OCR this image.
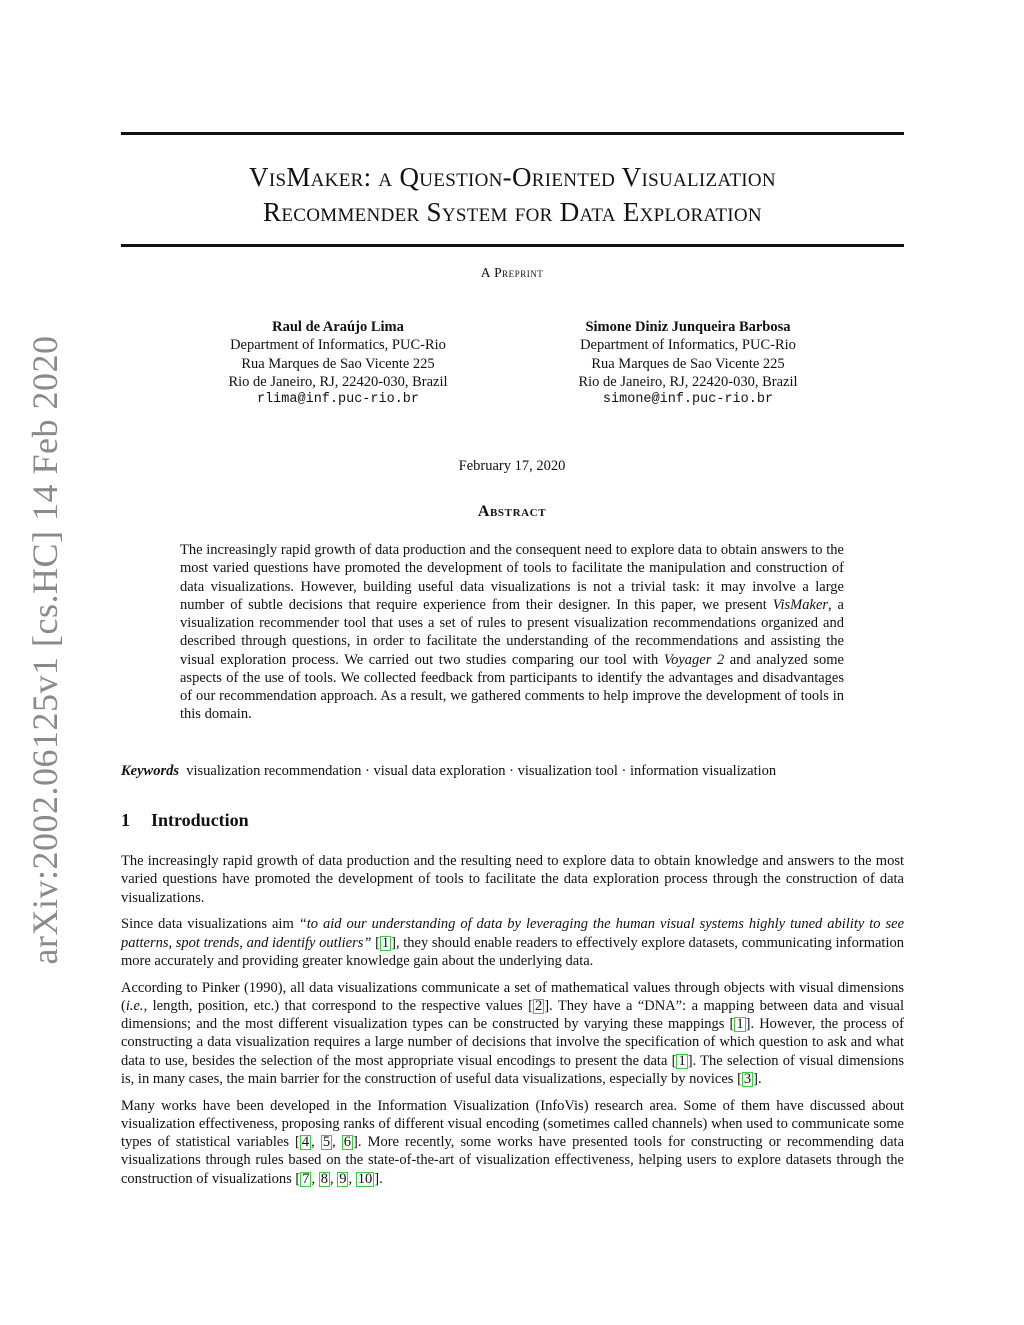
arXiv:2002.06125v1 [cs.HC] 14 Feb 2020
VisMaker: a Question-Oriented Visualization
Recommender System for Data Exploration
A Preprint
Raul de Araújo Lima
Department of Informatics, PUC-Rio
Rua Marques de Sao Vicente 225
Rio de Janeiro, RJ, 22420-030, Brazil
rlima@inf.puc-rio.br
Simone Diniz Junqueira Barbosa
Department of Informatics, PUC-Rio
Rua Marques de Sao Vicente 225
Rio de Janeiro, RJ, 22420-030, Brazil
simone@inf.puc-rio.br
February 17, 2020
Abstract
The increasingly rapid growth of data production and the consequent need to explore data to obtain answers to the most varied questions have promoted the development of tools to facilitate the manipulation and construction of data visualizations. However, building useful data visualizations is not a trivial task: it may involve a large number of subtle decisions that require experience from their designer. In this paper, we present VisMaker, a visualization recommender tool that uses a set of rules to present visualization recommendations organized and described through questions, in order to facilitate the understanding of the recommendations and assisting the visual exploration process. We carried out two studies comparing our tool with Voyager 2 and analyzed some aspects of the use of tools. We collected feedback from participants to identify the advantages and disadvantages of our recommendation approach. As a result, we gathered comments to help improve the development of tools in this domain.
Keywords visualization recommendation · visual data exploration · visualization tool · information visualization
1 Introduction

The increasingly rapid growth of data production and the resulting need to explore data to obtain knowledge and answers to the most varied questions have promoted the development of tools to facilitate the data exploration process through the construction of data visualizations.

Since data visualizations aim “to aid our understanding of data by leveraging the human visual systems highly tuned ability to see patterns, spot trends, and identify outliers” [ 1 ], they should enable readers to effectively explore datasets, communicating information more accurately and providing greater knowledge gain about the underlying data.

According to Pinker (1990), all data visualizations communicate a set of mathematical values through objects with visual dimensions (i.e., length, position, etc.) that correspond to the respective values [ 2 ]. They have a “DNA”: a mapping between data and visual dimensions; and the most different visualization types can be constructed by varying these mappings [ 1 ]. However, the process of constructing a data visualization requires a large number of decisions that involve the specification of which question to ask and what data to use, besides the selection of the most appropriate visual encodings to present the data [ 1 ]. The selection of visual dimensions is, in many cases, the main barrier for the construction of useful data visualizations, especially by novices [ 3 ].

Many works have been developed in the Information Visualization (InfoVis) research area. Some of them have discussed about visualization effectiveness, proposing ranks of different visual encoding (sometimes called channels) when used to communicate some types of statistical variables [ 4 , 5 , 6 ]. More recently, some works have presented tools for constructing or recommending data visualizations through rules based on the state-of-the-art of visualization effectiveness, helping users to explore datasets through the construction of visualizations [ 7 , 8 , 9 , 10 ].
